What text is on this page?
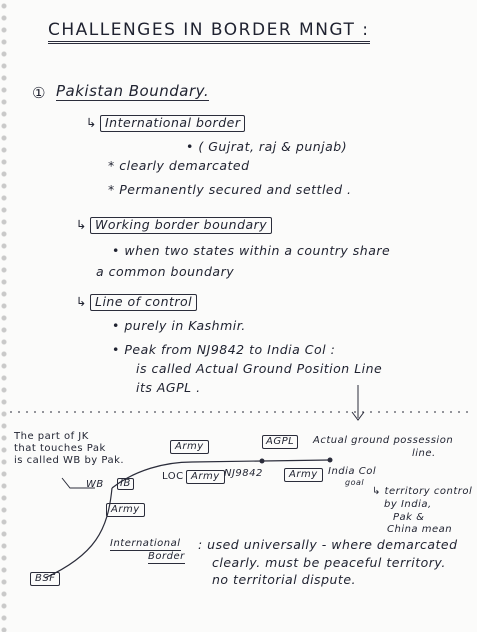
CHALLENGES IN BORDER MNGT :
① Pakistan Boundary.
↳ International border
• ( Gujrat, raj & punjab)
* clearly demarcated
* Permanently secured and settled .
↳ Working border boundary
• when two states within a country share
a common boundary
↳ Line of control
• purely in Kashmir.
• Peak from NJ9842 to India Col :
is called Actual Ground Position Line
its AGPL .
The part of JK
that touches Pak
is called WB by Pak.
WB	IB
Army
Army
LOC Army NJ9842	Army
AGPL	Actual ground possession
line.
India Col
goal
↳ territory control
by India,
Pak &
China mean
International
Border
: used universally - where demarcated
clearly. must be peaceful territory.
no territorial dispute.
BSF
